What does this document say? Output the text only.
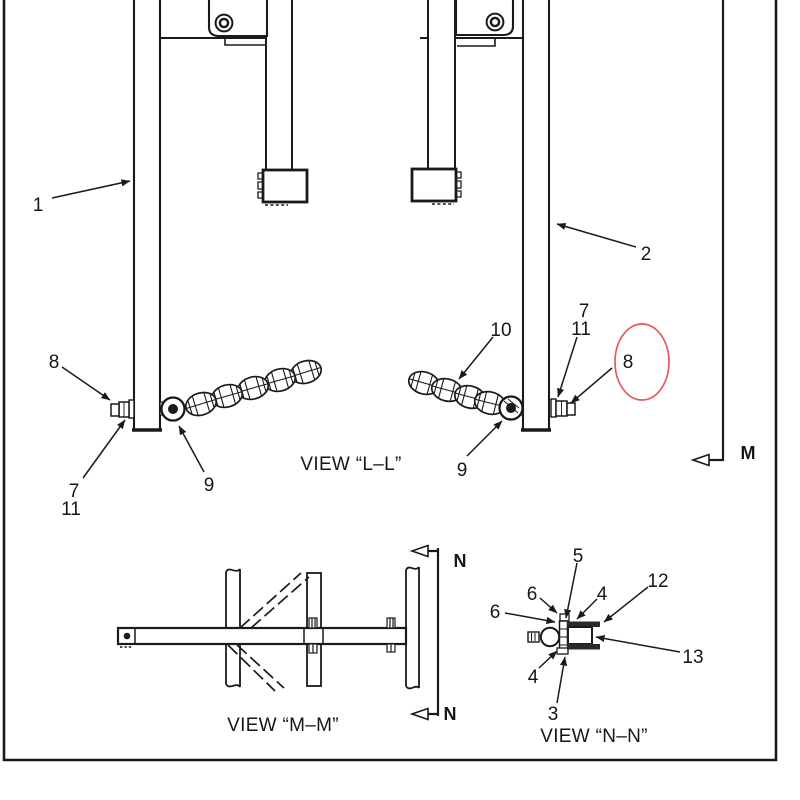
1
2
8
7
11
9
10
7
11
8
9
VIEW “L–L”
M
N
N
VIEW “M–M”
5
6
6
4
12
13
4
3
VIEW “N–N”
